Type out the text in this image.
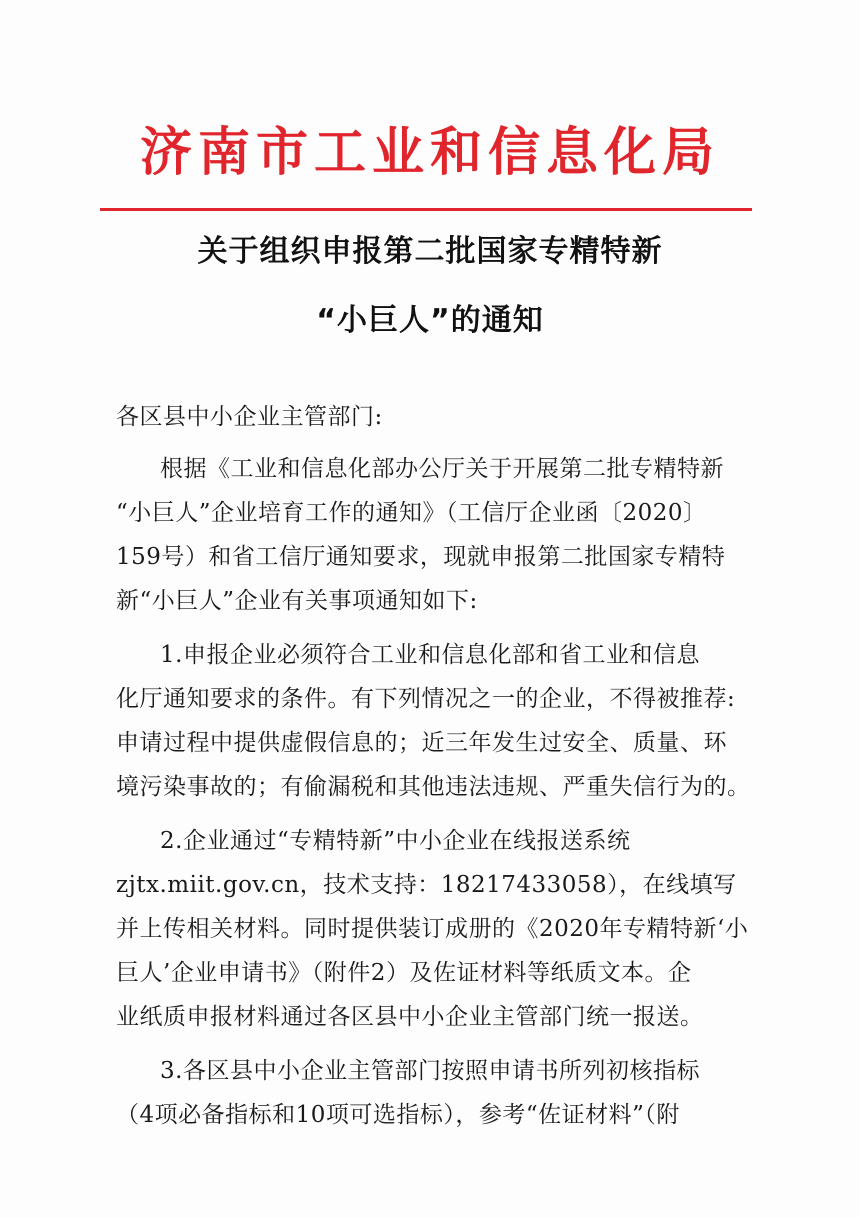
济南市工业和信息化局
关于组织申报第二批国家专精特新
“小巨人”的通知
各区县中小企业主管部门:
根据《工业和信息化部办公厅关于开展第二批专精特新
“小巨人”企业培育工作的通知》（工信厅企业函〔2020〕
159号）和省工信厅通知要求，现就申报第二批国家专精特
新“小巨人”企业有关事项通知如下:
1.申报企业必须符合工业和信息化部和省工业和信息
化厅通知要求的条件。有下列情况之一的企业，不得被推荐:
申请过程中提供虚假信息的；近三年发生过安全、质量、环
境污染事故的；有偷漏税和其他违法违规、严重失信行为的。
2.企业通过“专精特新”中小企业在线报送系统
zjtx.miit.gov.cn，技术支持：18217433058），在线填写
并上传相关材料。同时提供装订成册的《2020年专精特新‘小
巨人’企业申请书》（附件2）及佐证材料等纸质文本。企
业纸质申报材料通过各区县中小企业主管部门统一报送。
3.各区县中小企业主管部门按照申请书所列初核指标
（4项必备指标和10项可选指标），参考“佐证材料”（附
